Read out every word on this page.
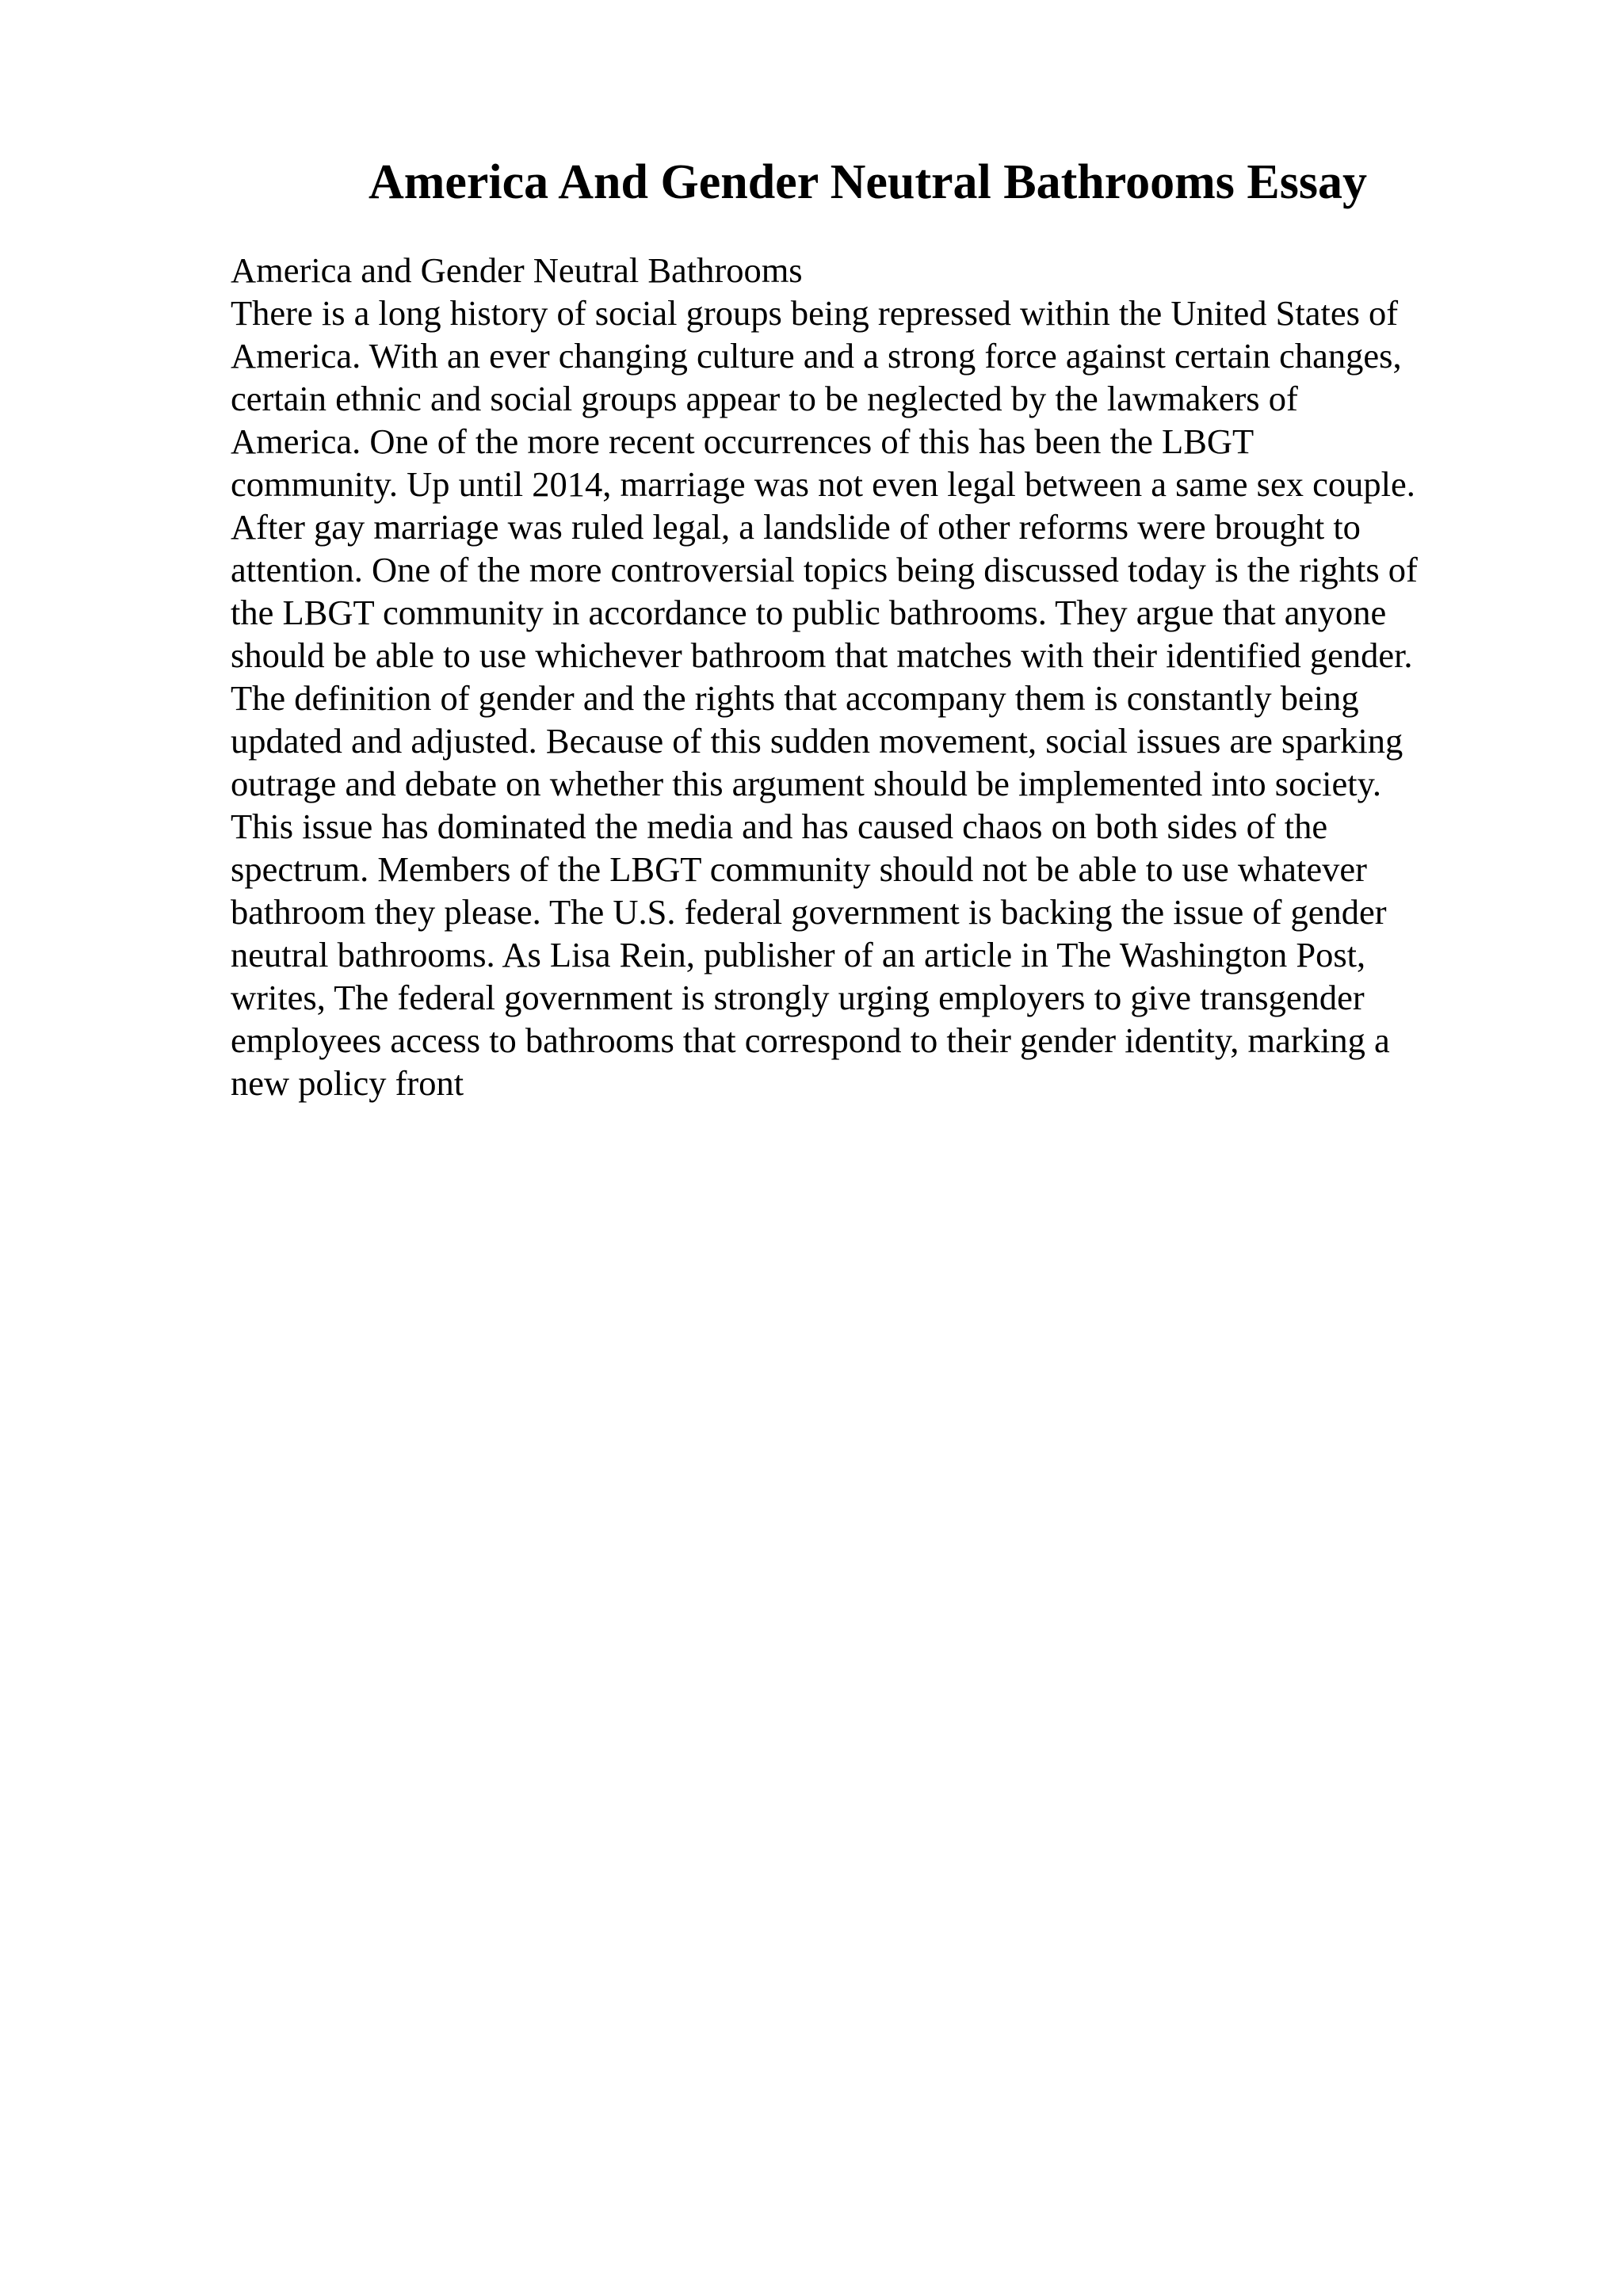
America And Gender Neutral Bathrooms Essay
America and Gender Neutral Bathrooms
There is a long history of social groups being repressed within the United States of
America. With an ever changing culture and a strong force against certain changes,
certain ethnic and social groups appear to be neglected by the lawmakers of
America. One of the more recent occurrences of this has been the LBGT
community. Up until 2014, marriage was not even legal between a same sex couple.
After gay marriage was ruled legal, a landslide of other reforms were brought to
attention. One of the more controversial topics being discussed today is the rights of
the LBGT community in accordance to public bathrooms. They argue that anyone
should be able to use whichever bathroom that matches with their identified gender.
The definition of gender and the rights that accompany them is constantly being
updated and adjusted. Because of this sudden movement, social issues are sparking
outrage and debate on whether this argument should be implemented into society.
This issue has dominated the media and has caused chaos on both sides of the
spectrum. Members of the LBGT community should not be able to use whatever
bathroom they please. The U.S. federal government is backing the issue of gender
neutral bathrooms. As Lisa Rein, publisher of an article in The Washington Post,
writes, The federal government is strongly urging employers to give transgender
employees access to bathrooms that correspond to their gender identity, marking a
new policy front
